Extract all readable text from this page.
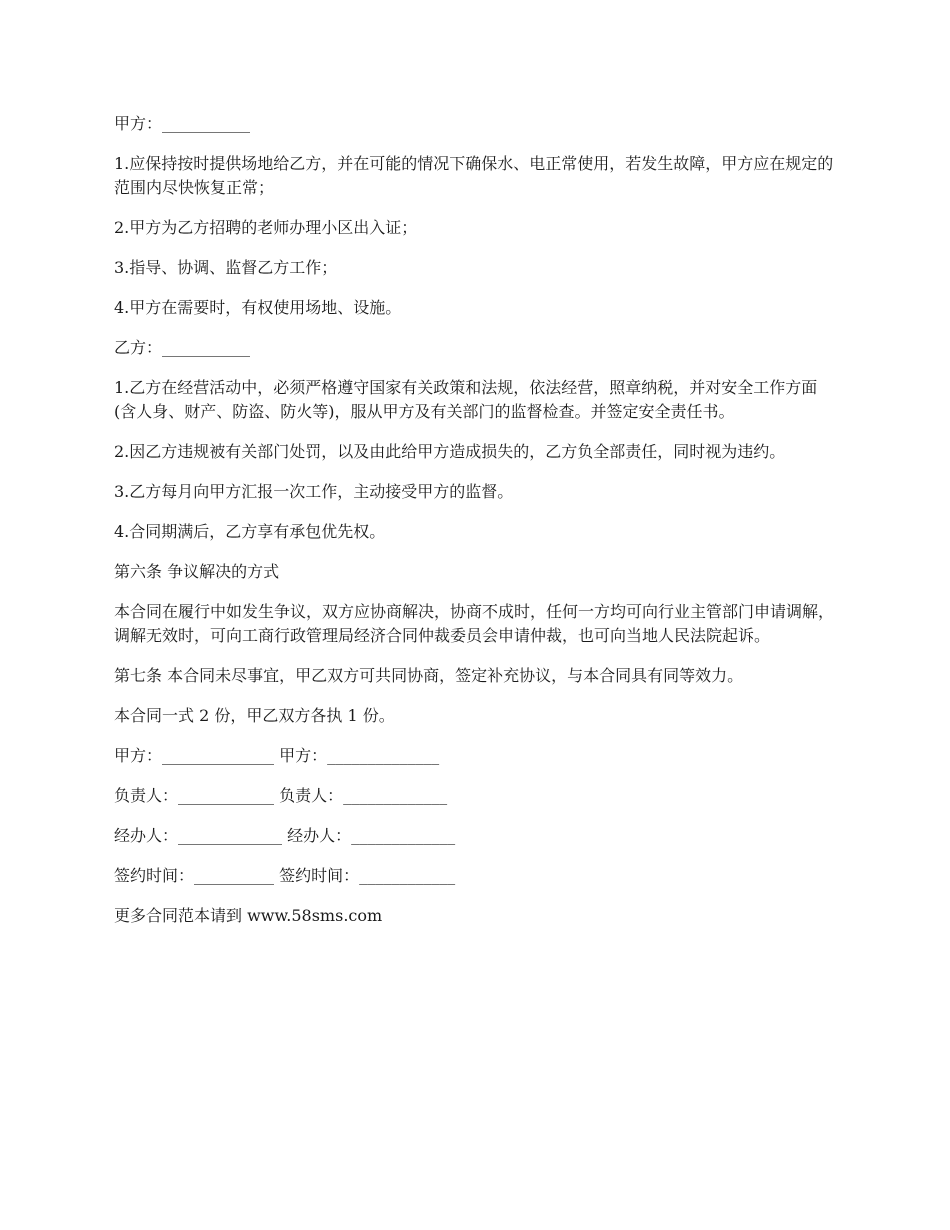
甲方：___________

1.应保持按时提供场地给乙方，并在可能的情况下确保水、电正常使用，若发生故障，甲方应在规定的范围内尽快恢复正常；

2.甲方为乙方招聘的老师办理小区出入证；

3.指导、协调、监督乙方工作；

4.甲方在需要时，有权使用场地、设施。

乙方：___________

1.乙方在经营活动中，必须严格遵守国家有关政策和法规，依法经营，照章纳税，并对安全工作方面(含人身、财产、防盗、防火等)，服从甲方及有关部门的监督检查。并签定安全责任书。

2.因乙方违规被有关部门处罚，以及由此给甲方造成损失的，乙方负全部责任，同时视为违约。

3.乙方每月向甲方汇报一次工作，主动接受甲方的监督。

4.合同期满后，乙方享有承包优先权。

第六条 争议解决的方式

本合同在履行中如发生争议，双方应协商解决，协商不成时，任何一方均可向行业主管部门申请调解，调解无效时，可向工商行政管理局经济合同仲裁委员会申请仲裁，也可向当地人民法院起诉。

第七条 本合同未尽事宜，甲乙双方可共同协商，签定补充协议，与本合同具有同等效力。

本合同一式 2 份，甲乙双方各执 1 份。

甲方：______________ 甲方：______________

负责人：____________ 负责人：_____________

经办人：_____________ 经办人：_____________

签约时间：__________ 签约时间：____________

更多合同范本请到 www.58sms.com
